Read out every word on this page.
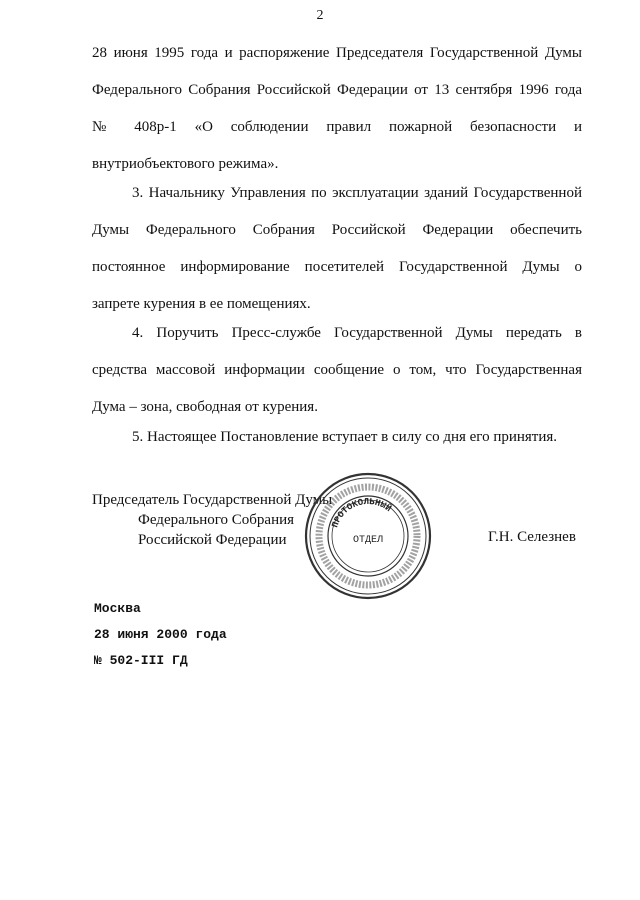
2
28 июня 1995 года и распоряжение Председателя Государственной Думы
Федерального Собрания Российской Федерации от 13 сентября 1996 года
№ 408р-1 «О соблюдении правил пожарной безопасности и
внутриобъектового режима».
3. Начальнику Управления по эксплуатации зданий Государственной
Думы Федерального Собрания Российской Федерации обеспечить
постоянное информирование посетителей Государственной Думы о
запрете курения в ее помещениях.
4. Поручить Пресс-службе Государственной Думы передать в
средства массовой информации сообщение о том, что Государственная
Дума – зона, свободная от курения.
5. Настоящее Постановление вступает в силу со дня его принятия.
Председатель Государственной Думы
Федерального Собрания
Российской Федерации
ПРОТОКОЛЬНЫЙ
ОТДЕЛ	Г.Н. Селезнев
Москва
28 июня 2000 года
№ 502-III ГД
